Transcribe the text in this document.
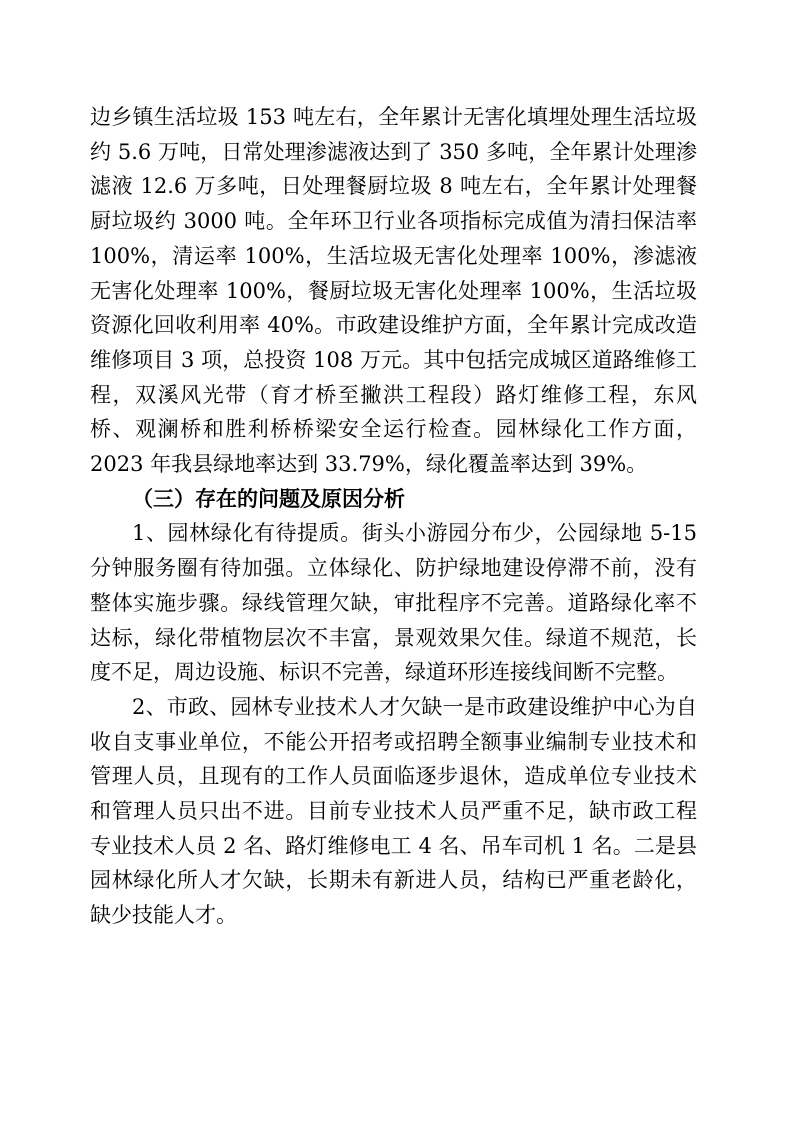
边乡镇生活垃圾 153 吨左右，全年累计无害化填埋处理生活垃圾约 5.6 万吨，日常处理渗滤液达到了 350 多吨，全年累计处理渗滤液 12.6 万多吨，日处理餐厨垃圾 8 吨左右，全年累计处理餐厨垃圾约 3000 吨。全年环卫行业各项指标完成值为清扫保洁率 100%，清运率 100%，生活垃圾无害化处理率 100%，渗滤液无害化处理率 100%，餐厨垃圾无害化处理率 100%，生活垃圾资源化回收利用率 40%。市政建设维护方面，全年累计完成改造维修项目 3 项，总投资 108 万元。其中包括完成城区道路维修工程，双溪风光带（育才桥至撇洪工程段）路灯维修工程，东风桥、观澜桥和胜利桥桥梁安全运行检查。园林绿化工作方面，2023 年我县绿地率达到 33.79%，绿化覆盖率达到 39%。

（三）存在的问题及原因分析

1、园林绿化有待提质。街头小游园分布少，公园绿地 5-15 分钟服务圈有待加强。立体绿化、防护绿地建设停滞不前，没有整体实施步骤。绿线管理欠缺，审批程序不完善。道路绿化率不达标，绿化带植物层次不丰富，景观效果欠佳。绿道不规范，长度不足，周边设施、标识不完善，绿道环形连接线间断不完整。

2、市政、园林专业技术人才欠缺一是市政建设维护中心为自收自支事业单位，不能公开招考或招聘全额事业编制专业技术和管理人员，且现有的工作人员面临逐步退休，造成单位专业技术和管理人员只出不进。目前专业技术人员严重不足，缺市政工程专业技术人员 2 名、路灯维修电工 4 名、吊车司机 1 名。二是县园林绿化所人才欠缺，长期未有新进人员，结构已严重老龄化，缺少技能人才。
